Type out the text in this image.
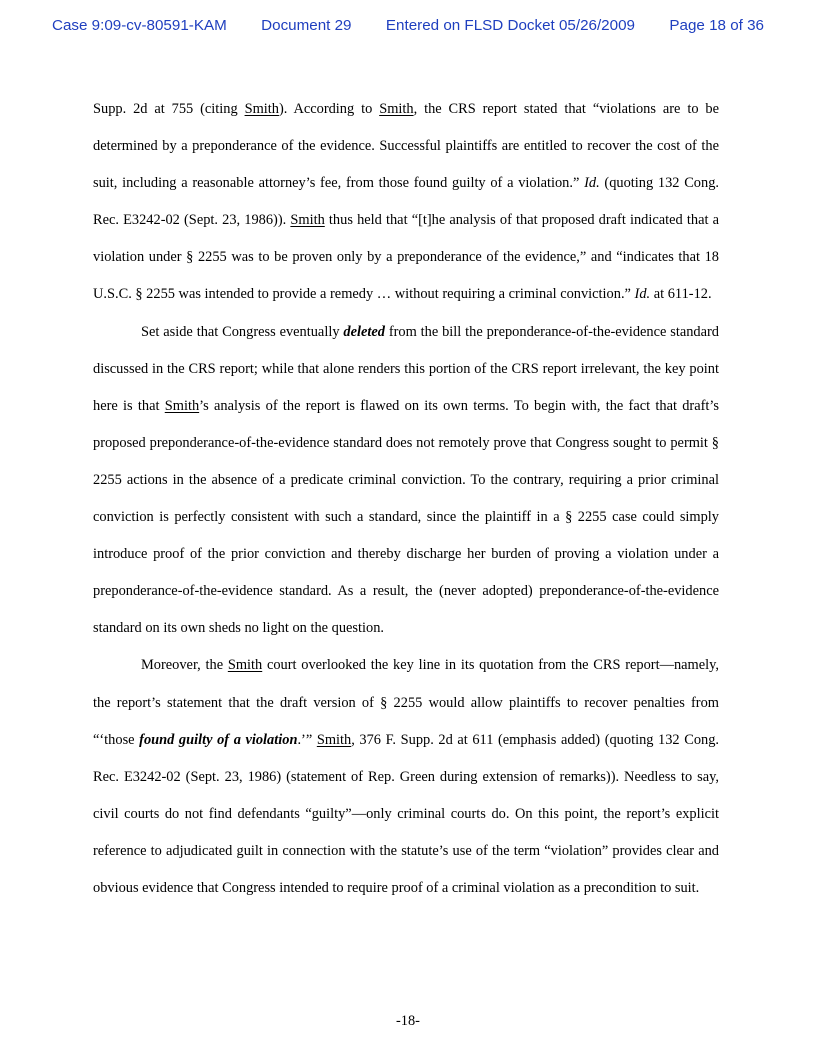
Case 9:09-cv-80591-KAM Document 29 Entered on FLSD Docket 05/26/2009 Page 18 of 36

Supp. 2d at 755 (citing Smith). According to Smith, the CRS report stated that “violations are to be determined by a preponderance of the evidence. Successful plaintiffs are entitled to recover the cost of the suit, including a reasonable attorney’s fee, from those found guilty of a violation.” Id. (quoting 132 Cong. Rec. E3242-02 (Sept. 23, 1986)). Smith thus held that “[t]he analysis of that proposed draft indicated that a violation under § 2255 was to be proven only by a preponderance of the evidence,” and “indicates that 18 U.S.C. § 2255 was intended to provide a remedy … without requiring a criminal conviction.” Id. at 611-12.

Set aside that Congress eventually deleted from the bill the preponderance-of-the-evidence standard discussed in the CRS report; while that alone renders this portion of the CRS report irrelevant, the key point here is that Smith’s analysis of the report is flawed on its own terms. To begin with, the fact that draft’s proposed preponderance-of-the-evidence standard does not remotely prove that Congress sought to permit § 2255 actions in the absence of a predicate criminal conviction. To the contrary, requiring a prior criminal conviction is perfectly consistent with such a standard, since the plaintiff in a § 2255 case could simply introduce proof of the prior conviction and thereby discharge her burden of proving a violation under a preponderance-of-the-evidence standard. As a result, the (never adopted) preponderance-of-the-evidence standard on its own sheds no light on the question.

Moreover, the Smith court overlooked the key line in its quotation from the CRS report—namely, the report’s statement that the draft version of § 2255 would allow plaintiffs to recover penalties from “‘those found guilty of a violation.’” Smith, 376 F. Supp. 2d at 611 (emphasis added) (quoting 132 Cong. Rec. E3242-02 (Sept. 23, 1986) (statement of Rep. Green during extension of remarks)). Needless to say, civil courts do not find defendants “guilty”—only criminal courts do. On this point, the report’s explicit reference to adjudicated guilt in connection with the statute’s use of the term “violation” provides clear and obvious evidence that Congress intended to require proof of a criminal violation as a precondition to suit.

-18-
